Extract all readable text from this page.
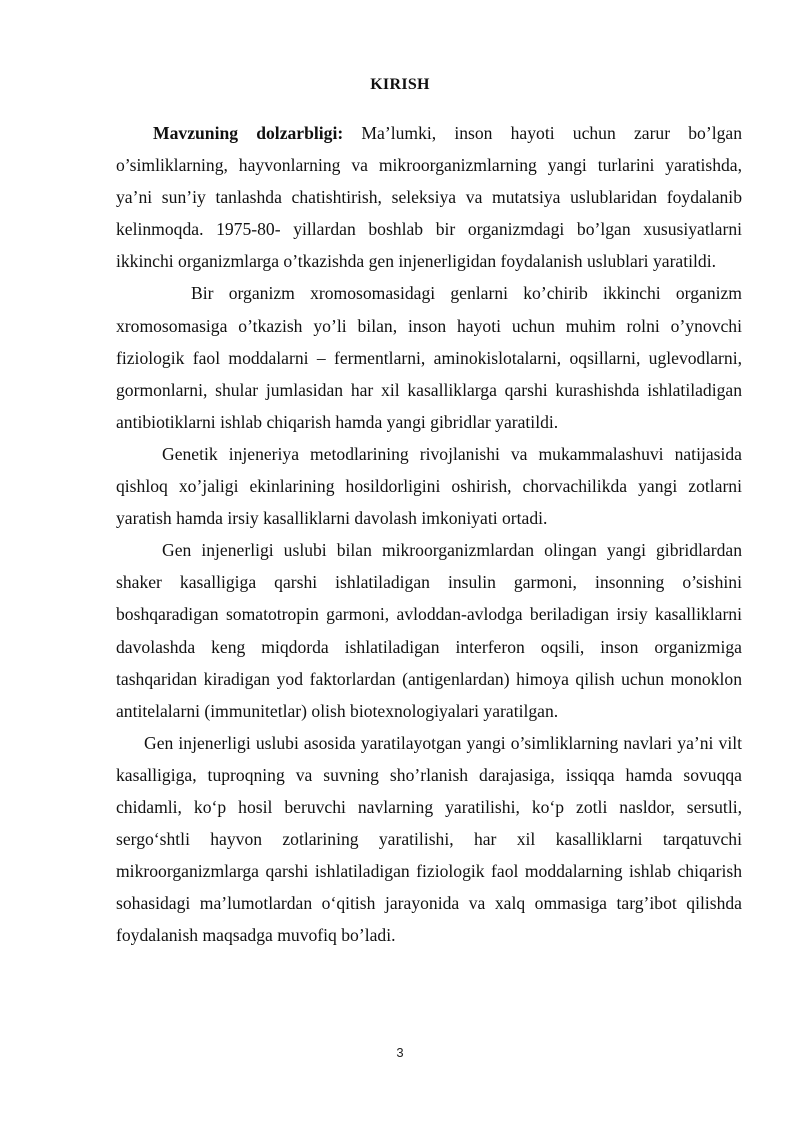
KIRISH

Mavzuning dolzarbligi: Ma’lumki, inson hayoti uchun zarur bo’lgan o’simliklarning, hayvonlarning va mikroorganizmlarning yangi turlarini yaratishda, ya’ni sun’iy tanlashda chatishtirish, seleksiya va mutatsiya uslublaridan foydalanib kelinmoqda. 1975-80- yillardan boshlab bir organizmdagi bo’lgan xususiyatlarni ikkinchi organizmlarga o’tkazishda gen injenerligidan foydalanish uslublari yaratildi.

Bir organizm xromosomasidagi genlarni ko’chirib ikkinchi organizm xromosomasiga o’tkazish yo’li bilan, inson hayoti uchun muhim rolni o’ynovchi fiziologik faol moddalarni – fermentlarni, aminokislotalarni, oqsillarni, uglevodlarni, gormonlarni, shular jumlasidan har xil kasalliklarga qarshi kurashishda ishlatiladigan antibiotiklarni ishlab chiqarish hamda yangi gibridlar yaratildi.

Genetik injeneriya metodlarining rivojlanishi va mukammalashuvi natijasida qishloq xo’jaligi ekinlarining hosildorligini oshirish, chorvachilikda yangi zotlarni yaratish hamda irsiy kasalliklarni davolash imkoniyati ortadi.

Gen injenerligi uslubi bilan mikroorganizmlardan olingan yangi gibridlardan shaker kasalligiga qarshi ishlatiladigan insulin garmoni, insonning o’sishini boshqaradigan somatotropin garmoni, avloddan-avlodga beriladigan irsiy kasalliklarni davolashda keng miqdorda ishlatiladigan interferon oqsili, inson organizmiga tashqaridan kiradigan yod faktorlardan (antigenlardan) himoya qilish uchun monoklon antitelalarni (immunitetlar) olish biotexnologiyalari yaratilgan.

Gen injenerligi uslubi asosida yaratilayotgan yangi o’simliklarning navlari ya’ni vilt kasalligiga, tuproqning va suvning sho’rlanish darajasiga, issiqqa hamda sovuqqa chidamli, ko‘p hosil beruvchi navlarning yaratilishi, ko‘p zotli nasldor, sersutli, sergo‘shtli hayvon zotlarining yaratilishi, har xil kasalliklarni tarqatuvchi mikroorganizmlarga qarshi ishlatiladigan fiziologik faol moddalarning ishlab chiqarish sohasidagi ma’lumotlardan o‘qitish jarayonida va xalq ommasiga targ’ibot qilishda foydalanish maqsadga muvofiq bo’ladi.

3
